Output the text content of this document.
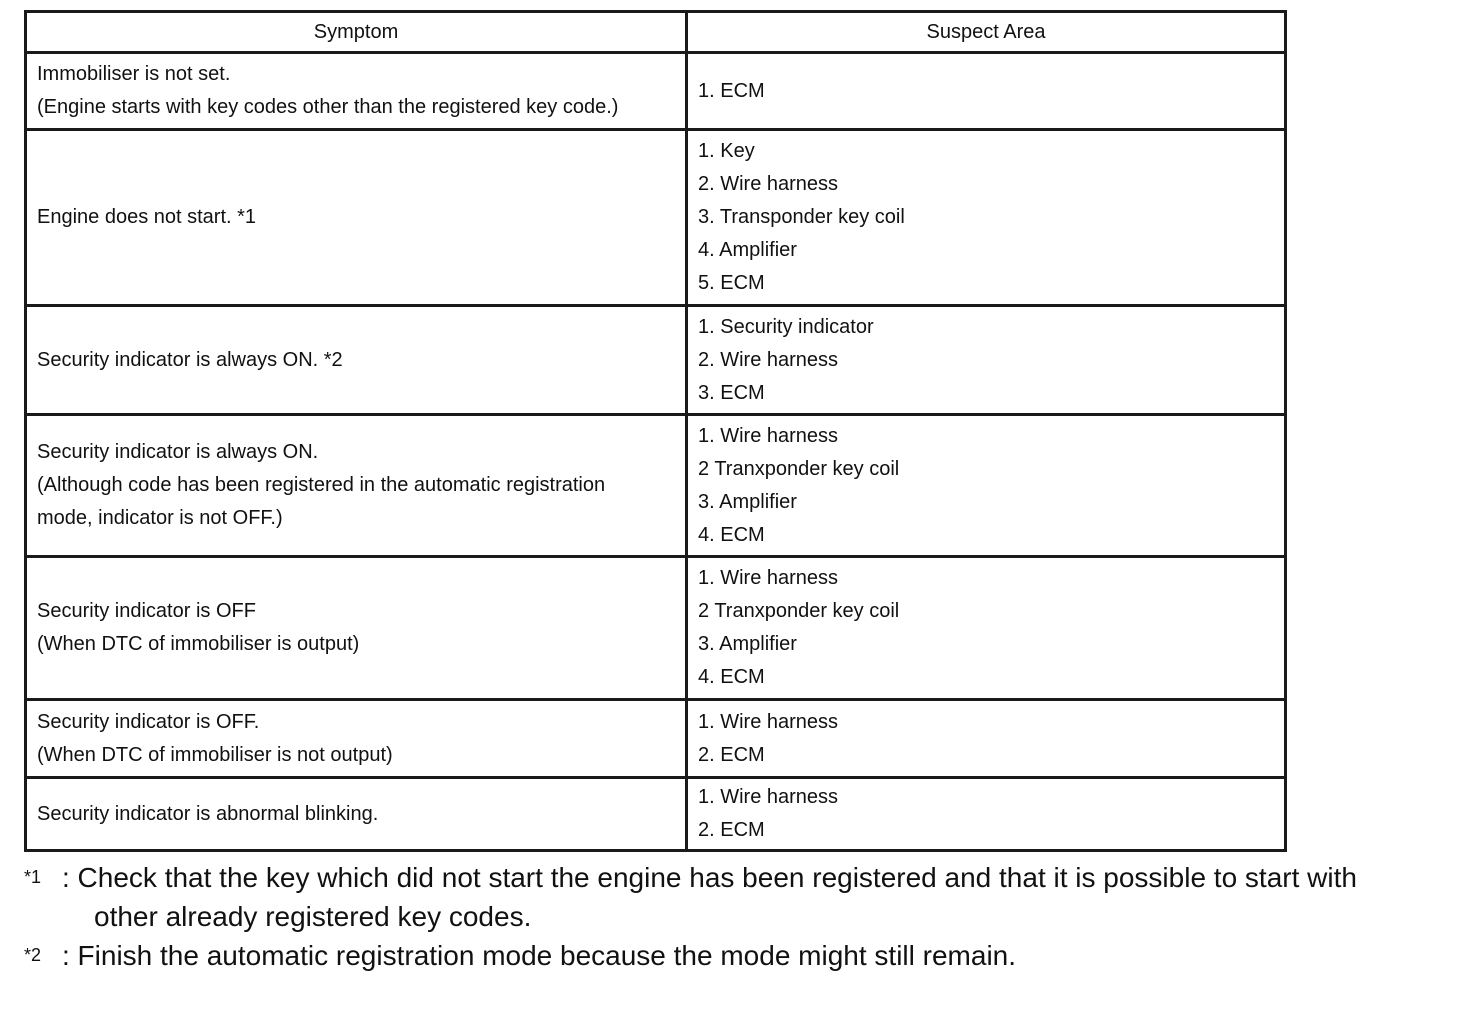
Symptom	Suspect Area

Immobiliser is not set.
(Engine starts with key codes other than the registered key code.)	1. ECM

Engine does not start. *1	1. Key
2. Wire harness
3. Transponder key coil
4. Amplifier
5. ECM

Security indicator is always ON. *2	1. Security indicator
2. Wire harness
3. ECM

Security indicator is always ON.
(Although code has been registered in the automatic registration
mode, indicator is not OFF.)	1. Wire harness
2 Tranxponder key coil
3. Amplifier
4. ECM

Security indicator is OFF
(When DTC of immobiliser is output)	1. Wire harness
2 Tranxponder key coil
3. Amplifier
4. ECM

Security indicator is OFF.
(When DTC of immobiliser is not output)	1. Wire harness
2. ECM

Security indicator is abnormal blinking.	1. Wire harness
2. ECM
*1 : Check that the key which did not start the engine has been registered and that it is possible to start with
other already registered key codes.
*2 : Finish the automatic registration mode because the mode might still remain.
